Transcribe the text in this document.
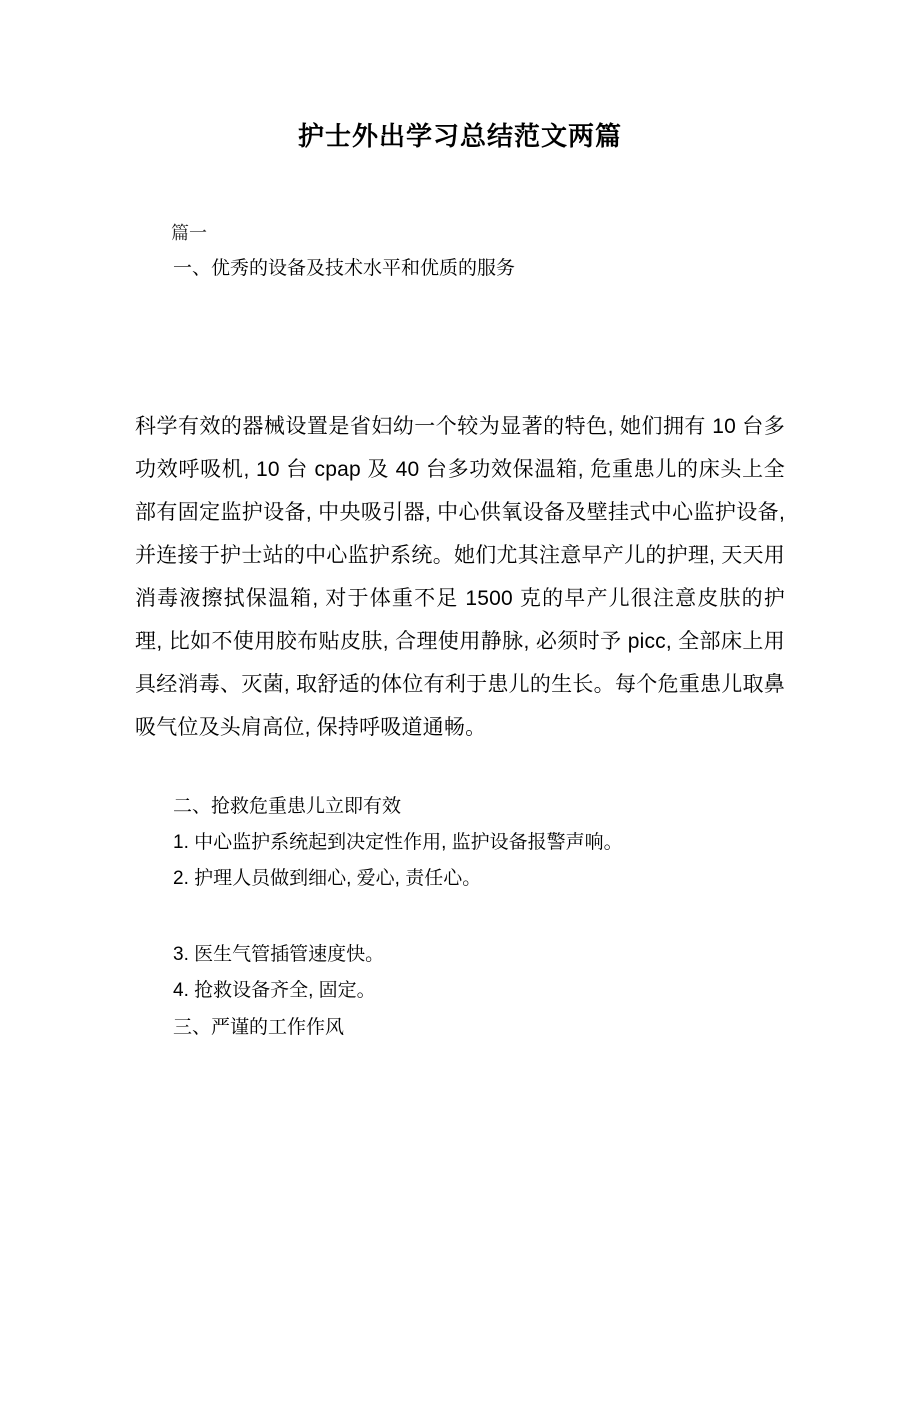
护士外出学习总结范文两篇

篇一

一、优秀的设备及技术水平和优质的服务

科学有效的器械设置是省妇幼一个较为显著的特色, 她们拥有 10 台多功效呼吸机, 10 台 cpap 及 40 台多功效保温箱, 危重患儿的床头上全部有固定监护设备, 中央吸引器, 中心供氧设备及壁挂式中心监护设备, 并连接于护士站的中心监护系统。她们尤其注意早产儿的护理, 天天用消毒液擦拭保温箱, 对于体重不足 1500 克的早产儿很注意皮肤的护理, 比如不使用胶布贴皮肤, 合理使用静脉, 必须时予 picc, 全部床上用具经消毒、灭菌, 取舒适的体位有利于患儿的生长。每个危重患儿取鼻吸气位及头肩高位, 保持呼吸道通畅。

二、抢救危重患儿立即有效

1. 中心监护系统起到决定性作用, 监护设备报警声响。

2. 护理人员做到细心, 爱心, 责任心。

3. 医生气管插管速度快。

4. 抢救设备齐全, 固定。

三、严谨的工作作风
